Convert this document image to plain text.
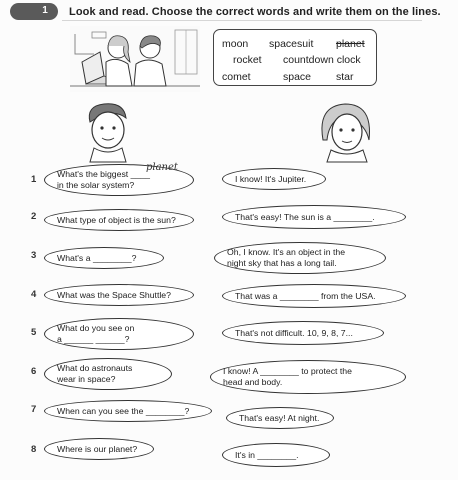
1	Look and read. Choose the correct words and write them on the lines.
moon spacesuit planet
rocket countdown clock
comet	space star
1
2
3
4
5
6
7
8
What's the biggest ____
in the solar system?
planet
What type of object is the sun?
What's a ________?
What was the Space Shuttle?
What do you see on
a ______ ______?
What do astronauts
wear in space?
When can you see the ________?
Where is our planet?
I know! It's Jupiter.
That's easy! The sun is a ________.
Oh, I know. It's an object in the
night sky that has a long tail.
That was a ________ from the USA.
That's not difficult. 10, 9, 8, 7...
I know! A ________ to protect the
head and body.
That's easy! At night.
It's in ________.
